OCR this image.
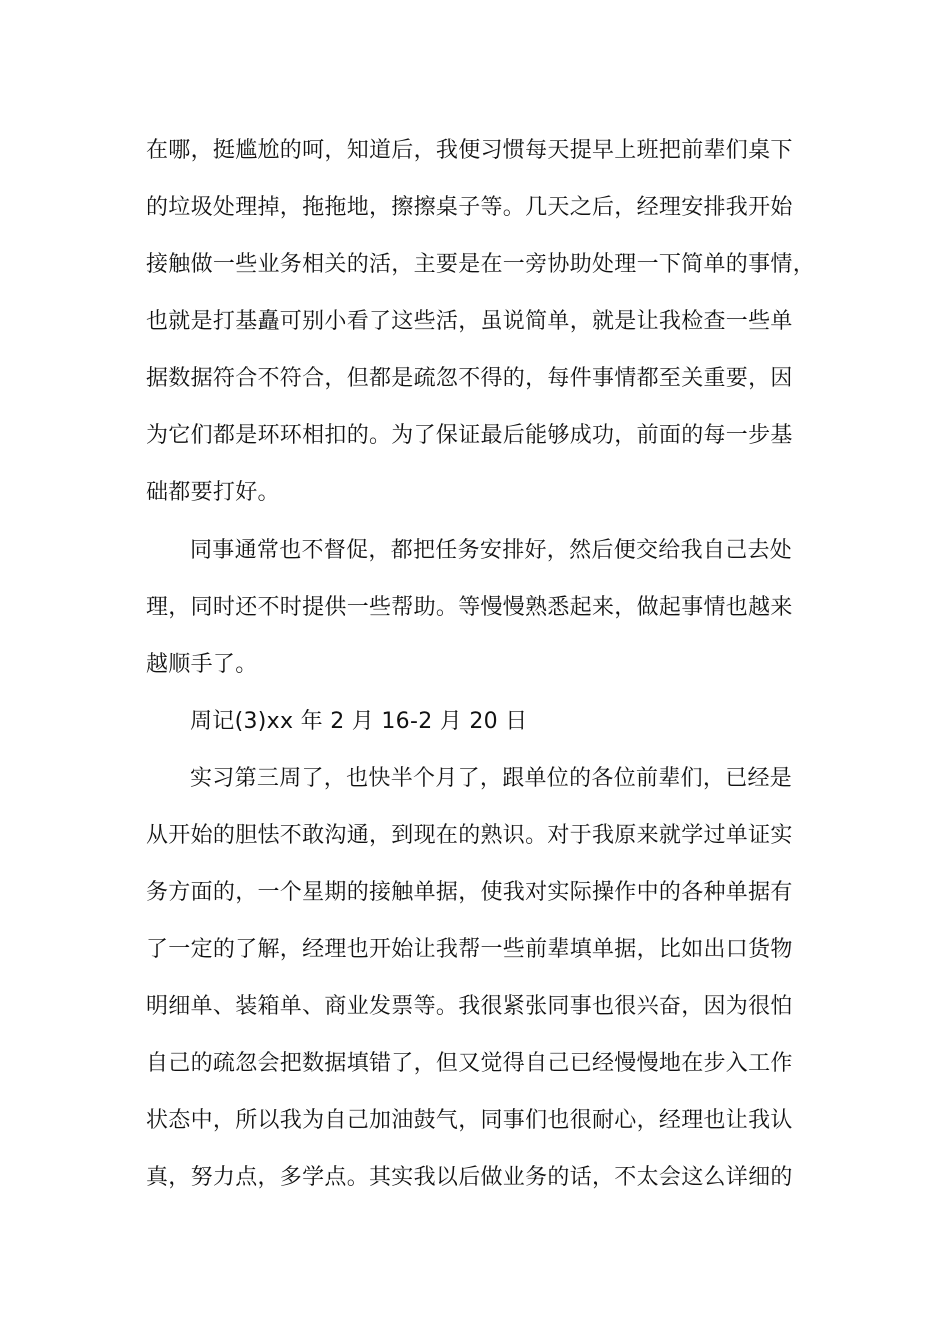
在哪，挺尴尬的呵，知道后，我便习惯每天提早上班把前辈们桌下
的垃圾处理掉，拖拖地，擦擦桌子等。几天之后，经理安排我开始
接触做一些业务相关的活，主要是在一旁协助处理一下简单的事情，
也就是打基矗可别小看了这些活，虽说简单，就是让我检查一些单
据数据符合不符合，但都是疏忽不得的，每件事情都至关重要，因
为它们都是环环相扣的。为了保证最后能够成功，前面的每一步基
础都要打好。
同事通常也不督促，都把任务安排好，然后便交给我自己去处
理，同时还不时提供一些帮助。等慢慢熟悉起来，做起事情也越来
越顺手了。
周记(3)xx 年 2 月 16-2 月 20 日
实习第三周了，也快半个月了，跟单位的各位前辈们，已经是
从开始的胆怯不敢沟通，到现在的熟识。对于我原来就学过单证实
务方面的，一个星期的接触单据，使我对实际操作中的各种单据有
了一定的了解，经理也开始让我帮一些前辈填单据，比如出口货物
明细单、装箱单、商业发票等。我很紧张同事也很兴奋，因为很怕
自己的疏忽会把数据填错了，但又觉得自己已经慢慢地在步入工作
状态中，所以我为自己加油鼓气，同事们也很耐心，经理也让我认
真，努力点，多学点。其实我以后做业务的话，不太会这么详细的
